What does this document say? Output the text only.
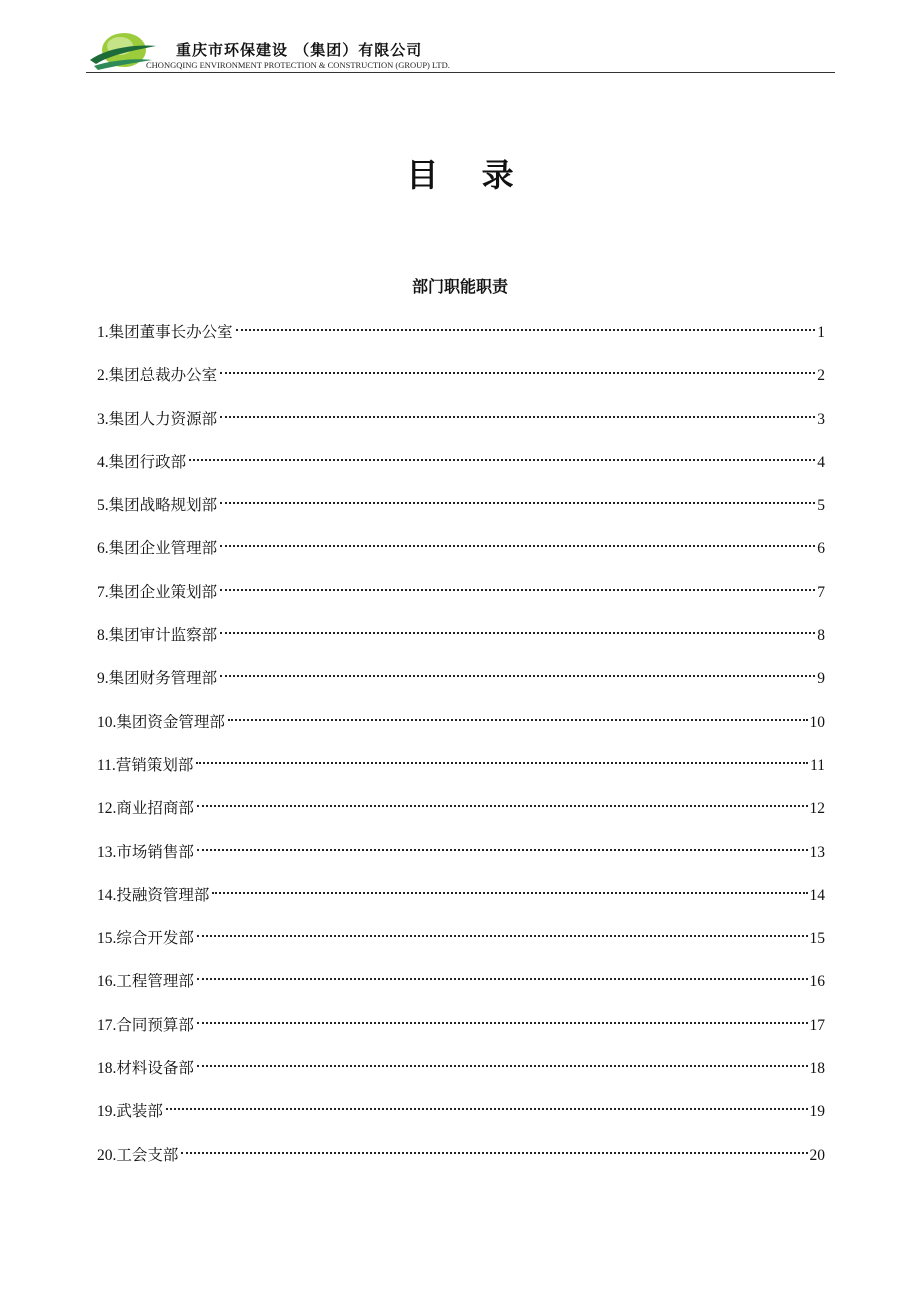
重庆市环保建设 （集团）有限公司
CHONGQING ENVIRONMENT PROTECTION & CONSTRUCTION (GROUP) LTD.
目 录
部门职能职责
1.集团董事长办公室	1
2.集团总裁办公室	2
3.集团人力资源部	3
4.集团行政部	4
5.集团战略规划部	5
6.集团企业管理部	6
7.集团企业策划部	7
8.集团审计监察部	8
9.集团财务管理部	9
10.集团资金管理部	10
11.营销策划部	11
12.商业招商部	12
13.市场销售部	13
14.投融资管理部	14
15.综合开发部	15
16.工程管理部	16
17.合同预算部	17
18.材料设备部	18
19.武装部	19
20.工会支部	20
